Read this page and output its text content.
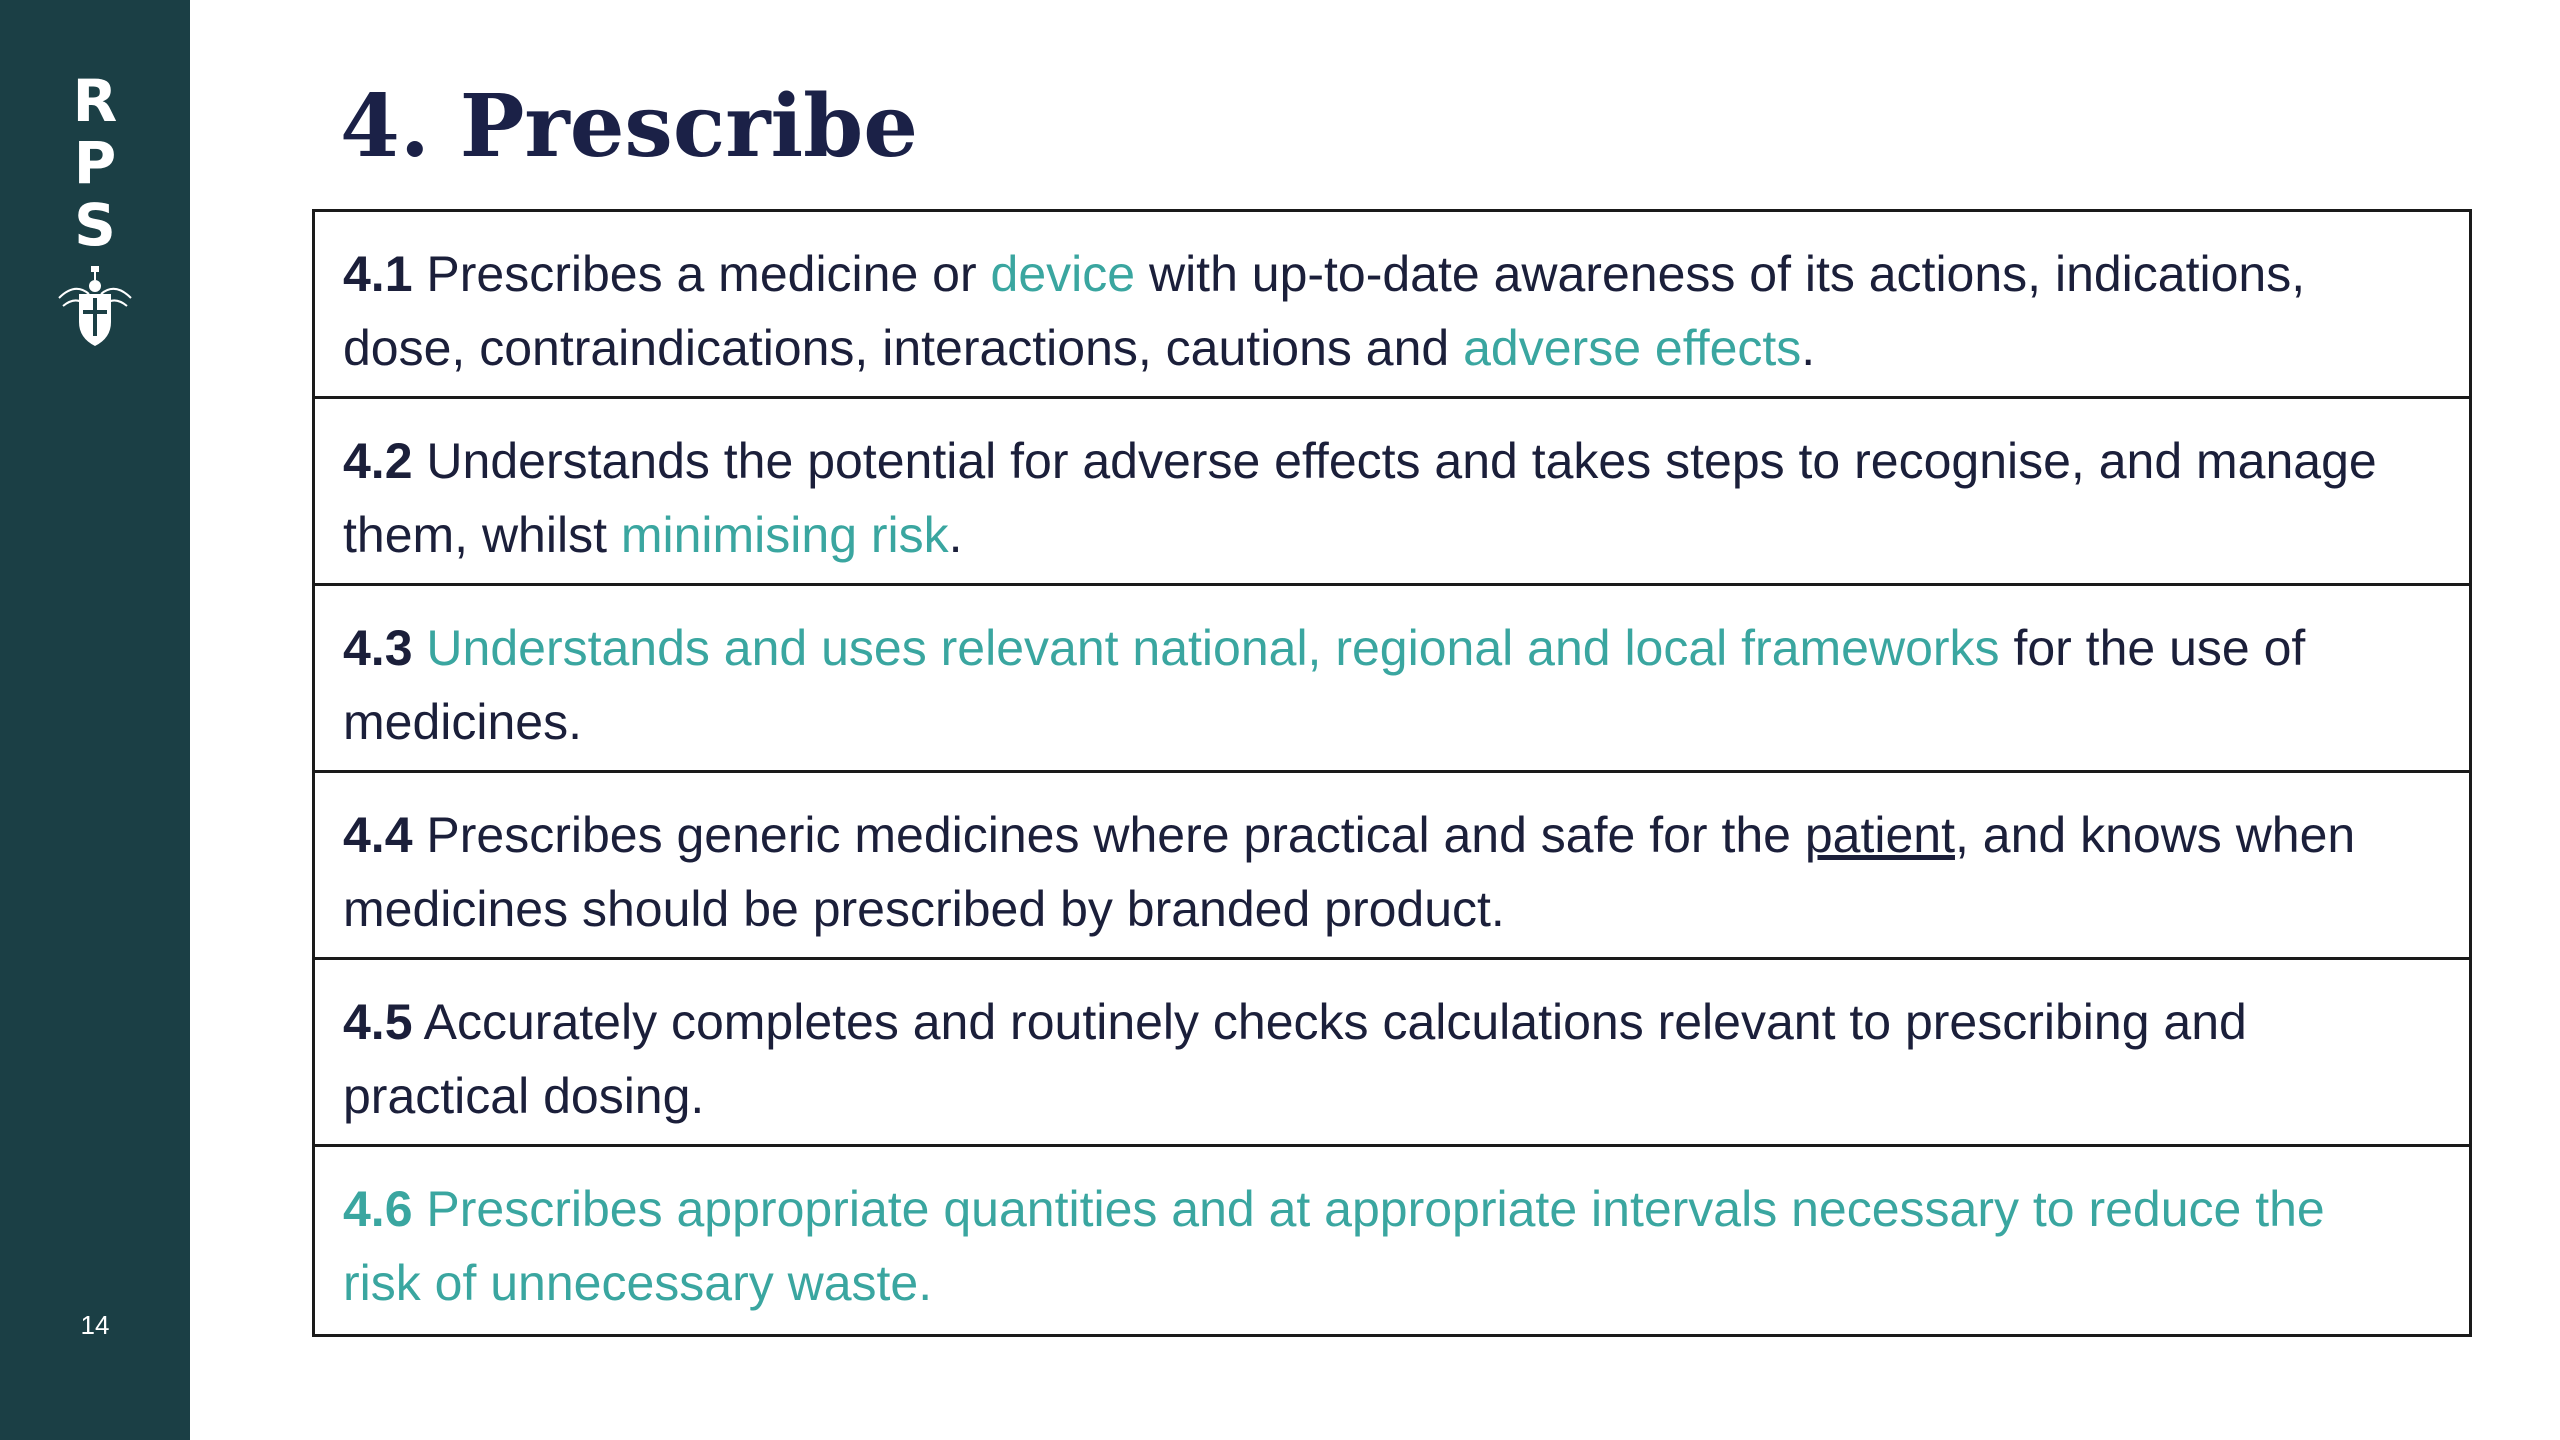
R
P
S
14
4. Prescribe
4.1 Prescribes a medicine or device with up-to-date awareness of its actions, indications, dose, contraindications, interactions, cautions and adverse effects.
4.2 Understands the potential for adverse effects and takes steps to recognise, and manage them, whilst minimising risk.
4.3 Understands and uses relevant national, regional and local frameworks for the use of medicines.
4.4 Prescribes generic medicines where practical and safe for the patient, and knows when medicines should be prescribed by branded product.
4.5 Accurately completes and routinely checks calculations relevant to prescribing and practical dosing.
4.6 Prescribes appropriate quantities and at appropriate intervals necessary to reduce the risk of unnecessary waste.
